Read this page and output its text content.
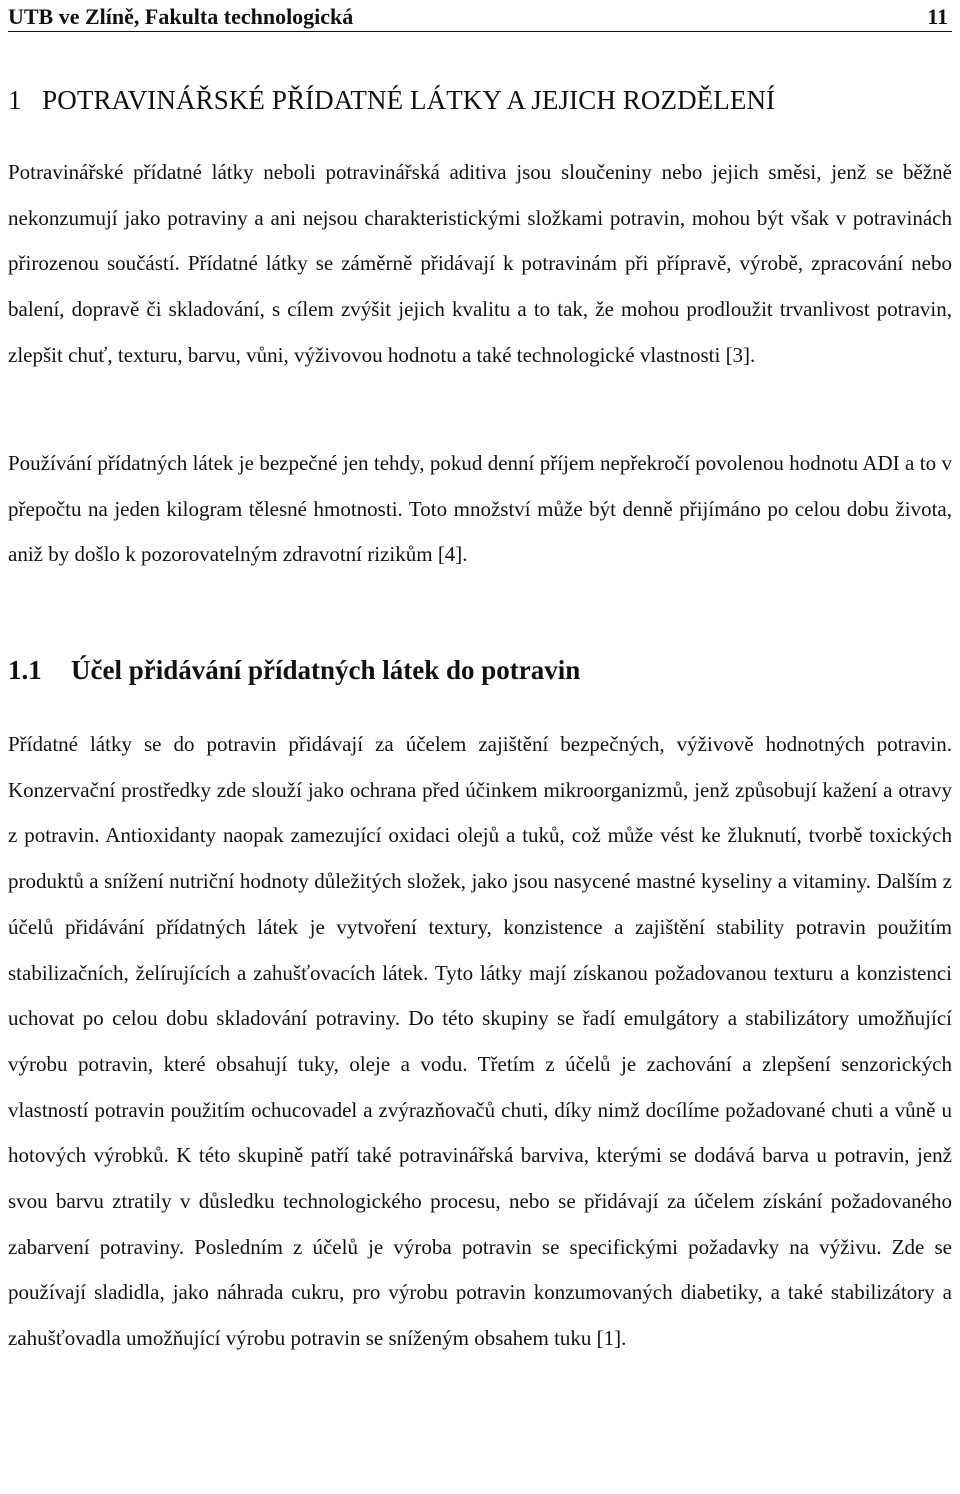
UTB ve Zlíně, Fakulta technologická	11
1 POTRAVINÁŘSKÉ PŘÍDATNÉ LÁTKY A JEJICH ROZDĚLENÍ

Potravinářské přídatné látky neboli potravinářská aditiva jsou sloučeniny nebo jejich směsi, jenž se běžně nekonzumují jako potraviny a ani nejsou charakteristickými složkami potravin, mohou být však v potravinách přirozenou součástí. Přídatné látky se záměrně přidávají k potravinám při přípravě, výrobě, zpracování nebo balení, dopravě či skladování, s cílem zvýšit jejich kvalitu a to tak, že mohou prodloužit trvanlivost potravin, zlepšit chuť, texturu, barvu, vůni, výživovou hodnotu a také technologické vlastnosti [3].

Používání přídatných látek je bezpečné jen tehdy, pokud denní příjem nepřekročí povolenou hodnotu ADI a to v přepočtu na jeden kilogram tělesné hmotnosti. Toto množství může být denně přijímáno po celou dobu života, aniž by došlo k pozorovatelným zdravotní rizikům [4].

1.1 Účel přidávání přídatných látek do potravin

Přídatné látky se do potravin přidávají za účelem zajištění bezpečných, výživově hodnotných potravin. Konzervační prostředky zde slouží jako ochrana před účinkem mikroorganizmů, jenž způsobují kažení a otravy z potravin. Antioxidanty naopak zamezující oxidaci olejů a tuků, což může vést ke žluknutí, tvorbě toxických produktů a snížení nutriční hodnoty důležitých složek, jako jsou nasycené mastné kyseliny a vitaminy. Dalším z účelů přidávání přídatných látek je vytvoření textury, konzistence a zajištění stability potravin použitím stabilizačních, želírujících a zahušťovacích látek. Tyto látky mají získanou požadovanou texturu a konzistenci uchovat po celou dobu skladování potraviny. Do této skupiny se řadí emulgátory a stabilizátory umožňující výrobu potravin, které obsahují tuky, oleje a vodu. Třetím z účelů je zachování a zlepšení senzorických vlastností potravin použitím ochucovadel a zvýrazňovačů chuti, díky nimž docílíme požadované chuti a vůně u hotových výrobků. K této skupině patří také potravinářská barviva, kterými se dodává barva u potravin, jenž svou barvu ztratily v důsledku technologického procesu, nebo se přidávají za účelem získání požadovaného zabarvení potraviny. Posledním z účelů je výroba potravin se specifickými požadavky na výživu. Zde se používají sladidla, jako náhrada cukru, pro výrobu potravin konzumovaných diabetiky, a také stabilizátory a zahušťovadla umožňující výrobu potravin se sníženým obsahem tuku [1].
